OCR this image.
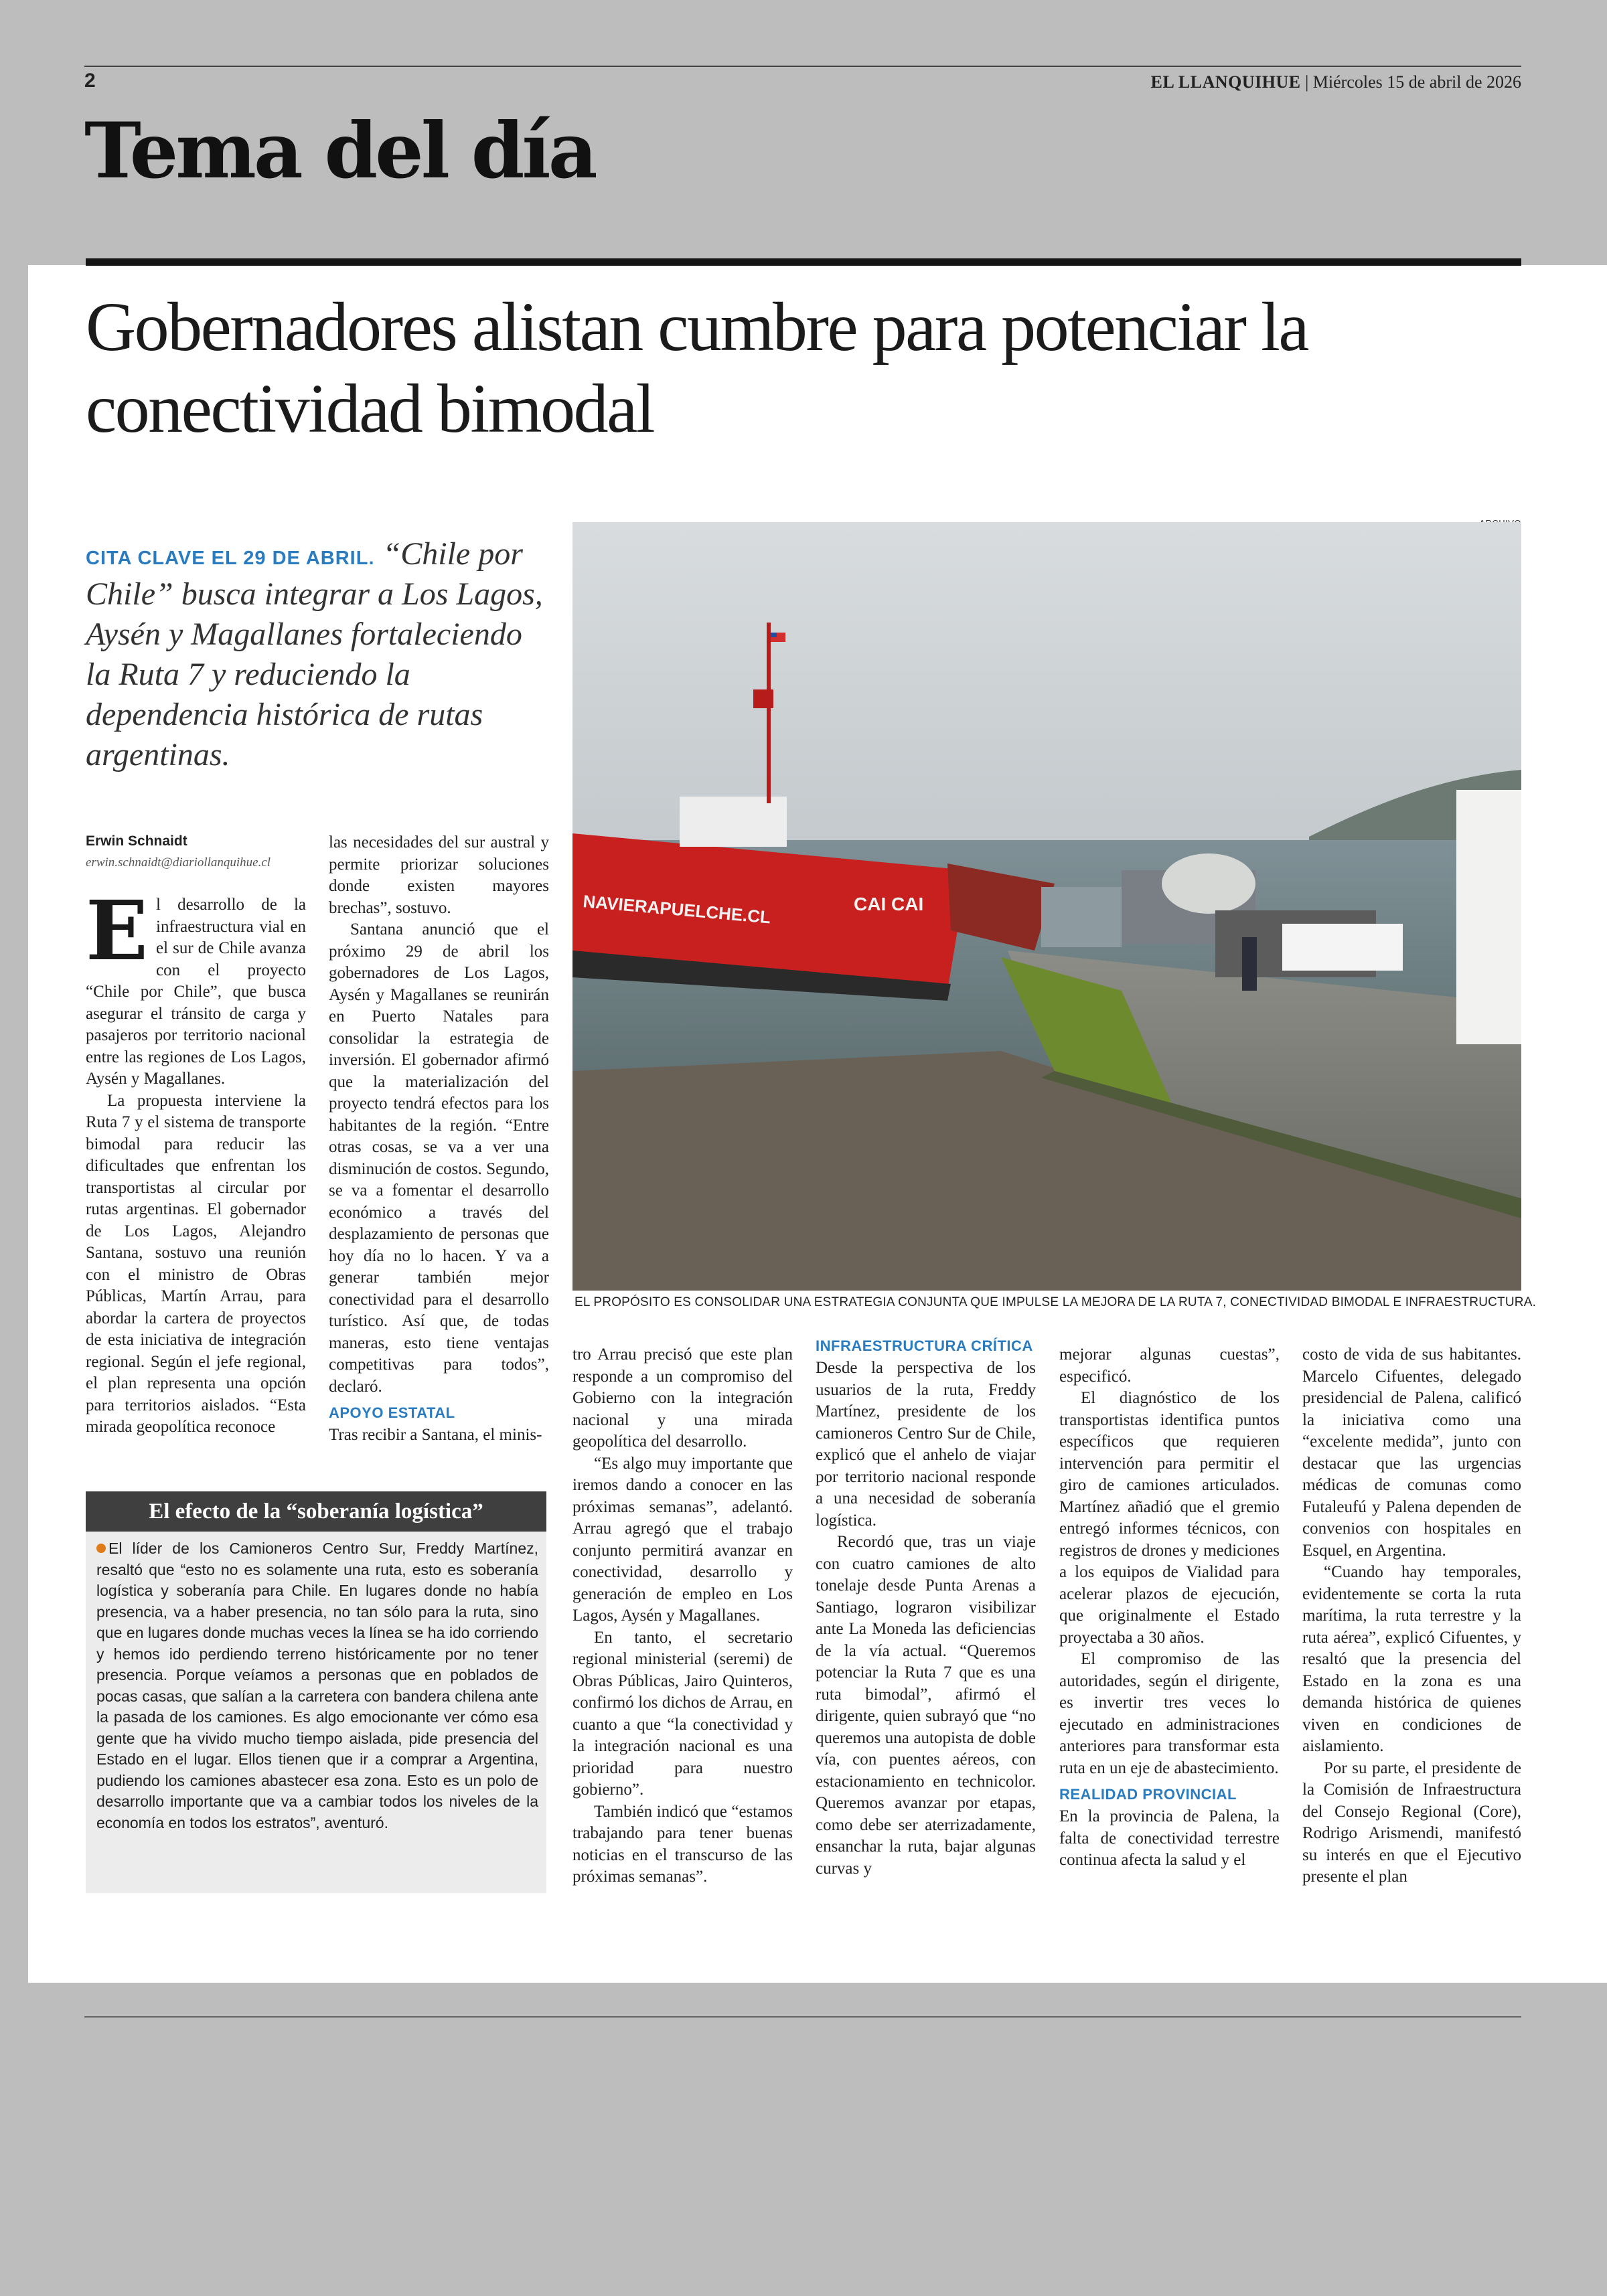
2	EL LLANQUIHUE | Miércoles 15 de abril de 2026
Tema del día
Gobernadores alistan cumbre para potenciar la conectividad bimodal
CITA CLAVE EL 29 DE ABRIL. “Chile por Chile” busca integrar a Los Lagos, Aysén y Magallanes fortaleciendo la Ruta 7 y reduciendo la dependencia histórica de rutas argentinas.
NAVIERAPUELCHE.CL	CAI CAI
EL PROPÓSITO ES CONSOLIDAR UNA ESTRATEGIA CONJUNTA QUE IMPULSE LA MEJORA DE LA RUTA 7, CONECTIVIDAD BIMODAL E INFRAESTRUCTURA.
Erwin Schnaidt
erwin.schnaidt@diariollanquihue.cl

El desarrollo de la infraestructura vial en el sur de Chile avanza con el proyecto “Chile por Chile”, que busca asegurar el tránsito de carga y pasajeros por territorio nacional entre las regiones de Los Lagos, Aysén y Magallanes.

La propuesta interviene la Ruta 7 y el sistema de transporte bimodal para reducir las dificultades que enfrentan los transportistas al circular por rutas argentinas. El gobernador de Los Lagos, Alejandro Santana, sostuvo una reunión con el ministro de Obras Públicas, Martín Arrau, para abordar la cartera de proyectos de esta iniciativa de integración regional. Según el jefe regional, el plan representa una opción para territorios aislados. “Esta mirada geopolítica reconoce

las necesidades del sur austral y permite priorizar soluciones donde existen mayores brechas”, sostuvo.

Santana anunció que el próximo 29 de abril los gobernadores de Los Lagos, Aysén y Magallanes se reunirán en Puerto Natales para consolidar la estrategia de inversión. El gobernador afirmó que la materialización del proyecto tendrá efectos para los habitantes de la región. “Entre otras cosas, se va a ver una disminución de costos. Segundo, se va a fomentar el desarrollo económico a través del desplazamiento de personas que hoy día no lo hacen. Y va a generar también mejor conectividad para el desarrollo turístico. Así que, de todas maneras, esto tiene ventajas competitivas para todos”, declaró.

APOYO ESTATAL

Tras recibir a Santana, el minis-

El efecto de la “soberanía logística”

El líder de los Camioneros Centro Sur, Freddy Martínez, resaltó que “esto no es solamente una ruta, esto es soberanía logística y soberanía para Chile. En lugares donde no había presencia, va a haber presencia, no tan sólo para la ruta, sino que en lugares donde muchas veces la línea se ha ido corriendo y hemos ido perdiendo terreno históricamente por no tener presencia. Porque veíamos a personas que en poblados de pocas casas, que salían a la carretera con bandera chilena ante la pasada de los camiones. Es algo emocionante ver cómo esa gente que ha vivido mucho tiempo aislada, pide presencia del Estado en el lugar. Ellos tienen que ir a comprar a Argentina, pudiendo los camiones abastecer esa zona. Esto es un polo de desarrollo importante que va a cambiar todos los niveles de la economía en todos los estratos”, aventuró.

tro Arrau precisó que este plan responde a un compromiso del Gobierno con la integración nacional y una mirada geopolítica del desarrollo.

“Es algo muy importante que iremos dando a conocer en las próximas semanas”, adelantó. Arrau agregó que el trabajo conjunto permitirá avanzar en conectividad, desarrollo y generación de empleo en Los Lagos, Aysén y Magallanes.

En tanto, el secretario regional ministerial (seremi) de Obras Públicas, Jairo Quinteros, confirmó los dichos de Arrau, en cuanto a que “la conectividad y la integración nacional es una prioridad para nuestro gobierno”.

También indicó que “estamos trabajando para tener buenas noticias en el transcurso de las próximas semanas”.

INFRAESTRUCTURA CRÍTICA

Desde la perspectiva de los usuarios de la ruta, Freddy Martínez, presidente de los camioneros Centro Sur de Chile, explicó que el anhelo de viajar por territorio nacional responde a una necesidad de soberanía logística.

Recordó que, tras un viaje con cuatro camiones de alto tonelaje desde Punta Arenas a Santiago, lograron visibilizar ante La Moneda las deficiencias de la vía actual. “Queremos potenciar la Ruta 7 que es una ruta bimodal”, afirmó el dirigente, quien subrayó que “no queremos una autopista de doble vía, con puentes aéreos, con estacionamiento en technicolor. Queremos avanzar por etapas, como debe ser aterrizadamente, ensanchar la ruta, bajar algunas curvas y

mejorar algunas cuestas”, especificó.

El diagnóstico de los transportistas identifica puntos específicos que requieren intervención para permitir el giro de camiones articulados. Martínez añadió que el gremio entregó informes técnicos, con registros de drones y mediciones a los equipos de Vialidad para acelerar plazos de ejecución, que originalmente el Estado proyectaba a 30 años.

El compromiso de las autoridades, según el dirigente, es invertir tres veces lo ejecutado en administraciones anteriores para transformar esta ruta en un eje de abastecimiento.

REALIDAD PROVINCIAL

En la provincia de Palena, la falta de conectividad terrestre continua afecta la salud y el

costo de vida de sus habitantes. Marcelo Cifuentes, delegado presidencial de Palena, calificó la iniciativa como una “excelente medida”, junto con destacar que las urgencias médicas de comunas como Futaleufú y Palena dependen de convenios con hospitales en Esquel, en Argentina.

“Cuando hay temporales, evidentemente se corta la ruta marítima, la ruta terrestre y la ruta aérea”, explicó Cifuentes, y resaltó que la presencia del Estado en la zona es una demanda histórica de quienes viven en condiciones de aislamiento.

Por su parte, el presidente de la Comisión de Infraestructura del Consejo Regional (Core), Rodrigo Arismendi, manifestó su interés en que el Ejecutivo presente el plan
